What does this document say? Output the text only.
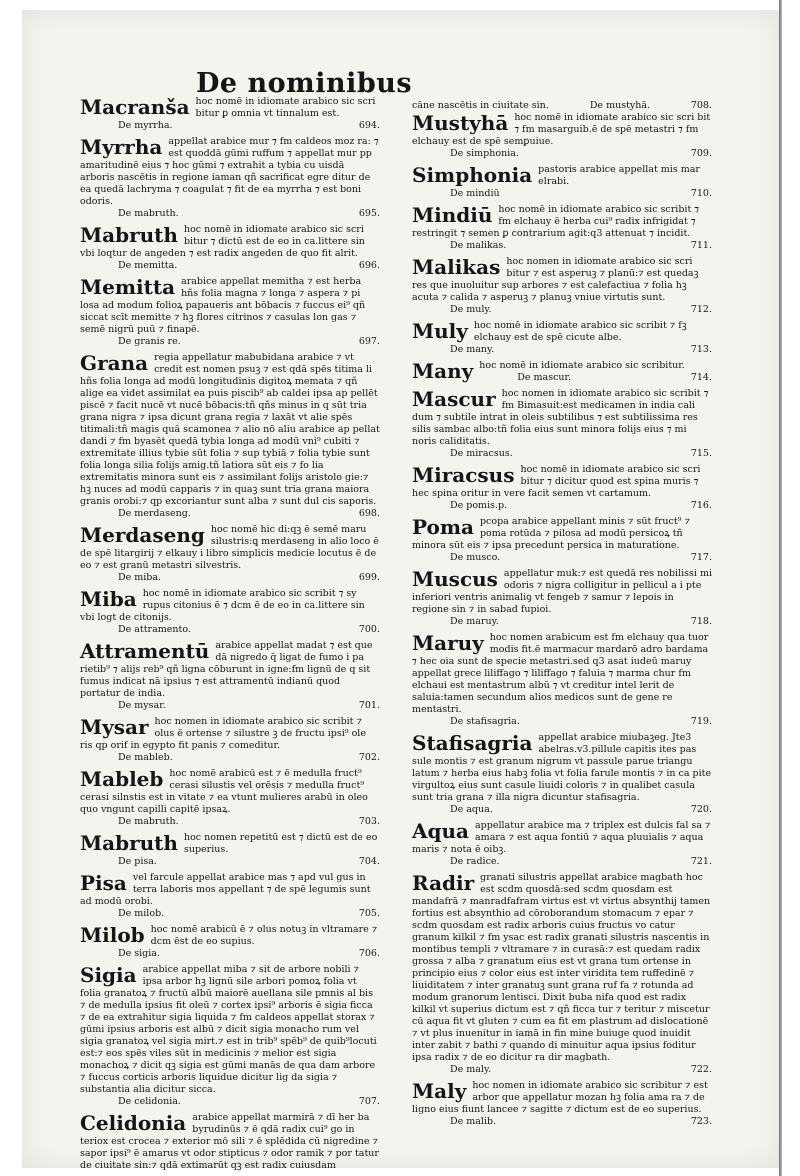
De nominibus
Macranša hoc nomē in idiomate arabico sic scri bitur ꝑ omnia vt tinnalum est.
De myrrha.	694.
Myrrha appellat arabice mur ⁊ fm caldeos moz ra: ⁊ est quoddā gūmi ruffum ⁊ appellat mur pp amaritudinē eius ⁊ hoc gūmi ⁊ extrahit a tybia cu uisdā arboris nascētis in regione iaman qñ sacrificat egre ditur de ea quedā lachryma ⁊ coagulat ⁊ fit de ea myrrha ⁊ est boni odoris.
De mabruth.	695.
Mabruth hoc nomē in idiomate arabico sic scri bitur ⁊ dictū est de eo in ca.littere sin vbi loqtur de angeden ⁊ est radix angeden de quo fit alrit.
De memitta.	696.
Memitta arabice appellat memitha ⁊ est herba hñs folia magna ⁊ longa ⁊ aspera ⁊ pi losa ad modum folioꝝ papaueris ant bōbacis ⁊ fuccus ei⁹ qñ siccat scīt memitte ⁊ hꝫ flores citrinos ⁊ casulas lon gas ⁊ semē nigrū puū ⁊ finapē.
De granis re.	697.
Grana regia appellatur mabubidana arabice ⁊ vt credit est nomen psuꝫ ⁊ est qdā spēs titima li hñs folia longa ad modū longitudinis digitoꝝ memata ⁊ qñ alige ea videt assimilat ea puis piscib⁹ ab caldei ipsa ap pellēt piscē ⁊ facit nucē vt nucē bōbacis:tñ qñs minus in q sūt tria grana nigra ⁊ ipsa dicunt grana regia ⁊ laxāt vt alie spēs titimali:tñ magis quā scamonea ⁊ alio nō aliu arabice ap pellat dandi ⁊ fm byasēt quedā tybia longa ad modū vni⁹ cubiti ⁊ extremitate illius tybie sūt folia ⁊ sup tybiā ⁊ folia tybie sunt folia longa silia folijs amig.tñ latiora sūt eis ⁊ fo lia extremitatis minora sunt eis ⁊ assimilant folijs aristolo gie:⁊ hꝫ nuces ad modū capparis ⁊ in quaꝫ sunt tria grana maiora granis orobi:⁊ qp excoriantur sunt alba ⁊ sunt dul cis saporis.
De merdaseng.	698.
Merdaseng hoc nomē hic di:qꝫ ē semē maru silustris:ꝗ merdaseng in alio loco ē de spē litargirij ⁊ elkauy i libro simplicis medicie locutus ē de eo ⁊ est granū metastri silvestris.
De miba.	699.
Miba hoc nomē in idiomate arabico sic scribit ⁊ sy rupus citonius ē ⁊ dcm ē de eo in ca.littere sin vbi logt de citonijs.
De attramento.	700.
Attramentū arabice appellat madat ⁊ est que dā nigredo q̄ ligat de fumo i pa rietib⁹ ⁊ alijs reb⁹ qñ ligna cōburunt in igne:fm lignū de q sit fumus indicat nā ipsius ⁊ est attramentū indianū quod portatur de india.
De mysar.	701.
Mysar hoc nomen in idiomate arabico sic scribit ⁊ olus ē ortense ⁊ silustre ꝫ de fructu ipsi⁹ ole ris qp orif in egypto fit panis ⁊ comeditur.
De mableb.	702.
Mableb hoc nomē arabicū est ⁊ ē medulla fruct⁹ cerasi silustis vel orēsis ⁊ medulla fruct⁹ cerasi silnstis est in vitate ⁊ ea vtunt mulieres arabū in oleo quo vngunt capilli capitē ipsaꝝ.
De mabruth.	703.
Mabruth hoc nomen repetitū est ⁊ dictū est de eo superius.
De pisa.	704.
Pisa vel farcule appellat arabice mas ⁊ apd vul gus in terra laboris mos appellant ⁊ de spē legumis sunt ad modū orobi.
De milob.	705.
Milob hoc nomē arabicū ē ⁊ olus notuꝫ in vltramare ⁊ dcm ēst de eo supius.
De sigia.	706.
Sigia arabice appellat miba ⁊ sit de arbore nobili ⁊ ipsa arbor hꝫ lignū sile arbori pomoꝝ folia vt folia granatoꝝ ⁊ fructū albū maiorē auellana sile pmnis al bis ⁊ de medulla ipsius fit oleū ⁊ cortex ipsi⁹ arboris ē sigia ficca ⁊ de ea extrahitur sigia liquida ⁊ fm caldeos appellat storax ⁊ gūmi ipsius arboris est albū ⁊ dicit sigia monacho rum vel sigia granatoꝝ vel sigia mirt.⁊ est in trib⁹ spēb⁹ de quib⁹locuti est:⁊ eos spēs viles sūt in medicinis ⁊ melior est sigia monachoꝝ ⁊ dicit qꝫ sigia est gūmi manās de qua dam arbore ⁊ fuccus corticis arboris liquidue dicitur lig da sigia ⁊ substantia alia dicitur sicca.
De celidonia.	707.
Celidonia arabice appellat marmirā ⁊ dī her ba byrudinūs ⁊ ē qdā radix cui⁹ go in teriox est crocea ⁊ exterior mō sili ⁊ ē splēdida cū nigredine ⁊ sapor ipsi⁹ ē amarus vt odor stipticus ⁊ odor ramik ⁊ por tatur de ciuitate sin:⁊ qdā extimarūt qꝫ est radix cuiusdam
cāne nascētis in ciuitate sin.	De mustyhā.	708.
Mustyhā hoc nomē in idiomate arabico sic scri bit ⁊ fm masarguib.ē de spē metastri ⁊ fm elchauy est de spē semꝑuiue.
De simphonia.	709.
Simphonia pastoris arabice appellat mis mar elrabi.
De mindiū	710.
Mindiū hoc nomē in idiomate arabico sic scribit ⁊ fm elchauy ē herba cui⁹ radix infrigidat ⁊ restringit ⁊ semen ꝑ contrarium agit:q3 attenuat ⁊ incidit.
De malikas.	711.
Malikas hoc nomen in idiomate arabico sic scri bitur ⁊ est asperuꝫ ⁊ planū:⁊ est quedaꝫ res que inuoluitur sup arbores ⁊ est calefactiua ⁊ folia hꝫ acuta ⁊ calida ⁊ asperuꝫ ⁊ planuꝫ vniue virtutis sunt.
De muly.	712.
Muly hoc nomē in idiomate arabico sic scribit ⁊ fꝫ elchauy est de spē cicute albe.
De many.	713.
Many hoc nomē in idiomate arabico sic scribitur.
De mascur.	714.
Mascur hoc nomen in idiomate arabico sic scribit ⁊ fm Bimasuit:est medicamen in india cali dum ⁊ subtile intrat in oleis subtilibus ⁊ est subtilissima res silis sambac albo:tñ folia eius sunt minora folijs eius ⁊ mi noris caliditatis.
De miracsus.	715.
Miracsus hoc nomē in idiomate arabico sic scri bitur ⁊ dicitur quod est spina muris ⁊ hec spina oritur in vere facit semen vt cartamum.
De pomis.p.	716.
Poma pcopa arabice appellant minis ⁊ sūt fruct⁹ ⁊ poma rotūda ⁊ pilosa ad modū persicoꝝ tñ minora sūt eis ⁊ ipsa precedunt persica in maturatione.
De musco.	717.
Muscus appellatur muk:⁊ est quedā res nobilissi mi odoris ⁊ nigra colligitur in pellicul a i pte inferiori ventris animaliꝯ vt fengeb ⁊ samur ⁊ lepois in regione sin ⁊ in sabad fupioi.
De maruy.	718.
Maruy hoc nomen arabicum est fm elchauy qua tuor modis fit.ē marmacur mardarō adro bardama ⁊ hec oia sunt de specie metastri.sed q3 asat iudeū maruy appellat grece liliffago ⁊ liliffago ⁊ faluia ⁊ marma chur fm elchaui est mentastrum albū ⁊ vt creditur intel lerit de saluia:tamen secundum alios medicos sunt de gene re mentastri.
De stafisagria.	719.
Stafisagria appellat arabice miubaꝫeg. Jte3 abelras.v3.pillule capitis ites pas sule montis ⁊ est granum nigrum vt passule parue triangu latum ⁊ herba eius habꝫ folia vt folia farule montis ⁊ in ca pite virgultoꝝ eius sunt casule liuidi coloris ⁊ in qualibet casula sunt tria grana ⁊ illa nigra dicuntur stafisagria.
De aqua.	720.
Aqua appellatur arabice ma ⁊ triplex est dulcis fal sa ⁊ amara ⁊ est aqua fontiū ⁊ aqua pluuialis ⁊ aqua maris ⁊ nota ē oibꝫ.
De radice.	721.
Radir granati silustris appellat arabice magbath hoc est scdm quosdā:sed scdm quosdam est mandafrā ⁊ manradfafram virtus est vt virtus absynthij tamen fortius est absynthio ad cōroborandum stomacum ⁊ epar ⁊ scdm quosdam est radix arboris cuius fructus vo catur granum kilkil ⁊ fm ysac est radix granati silustris nascentis in montibus templi ⁊ vltramare ⁊ in curasā:⁊ est quedam radix grossa ⁊ alba ⁊ granatum eius est vt grana tum ortense in principio eius ⁊ color eius est inter viridita tem ruffedinē ⁊ liuiditatem ⁊ inter granatuꝫ sunt grana ruf fa ⁊ rotunda ad modum granorum lentisci. Dixit buba nifa quod est radix kilkil vt superius dictum est ⁊ qñ ficca tur ⁊ teritur ⁊ miscetur cū aqua fit vt gluten ⁊ cum ea fit em plastrum ad dislocationē ⁊ vt plus inuenitur in iamā in fin mine buiuge quod inuidit inter zabit ⁊ bathi ⁊ quando di minuitur aqua ipsius foditur ipsa radix ⁊ de eo dicitur ra dir magbath.
De maly.	722.
Maly hoc nomen in idiomate arabico sic scribitur ⁊ est arbor que appellatur mozan hꝫ folia ama ra ⁊ de ligno eius fiunt lancee ⁊ sagitte ⁊ dictum est de eo superius.
De malib.	723.
